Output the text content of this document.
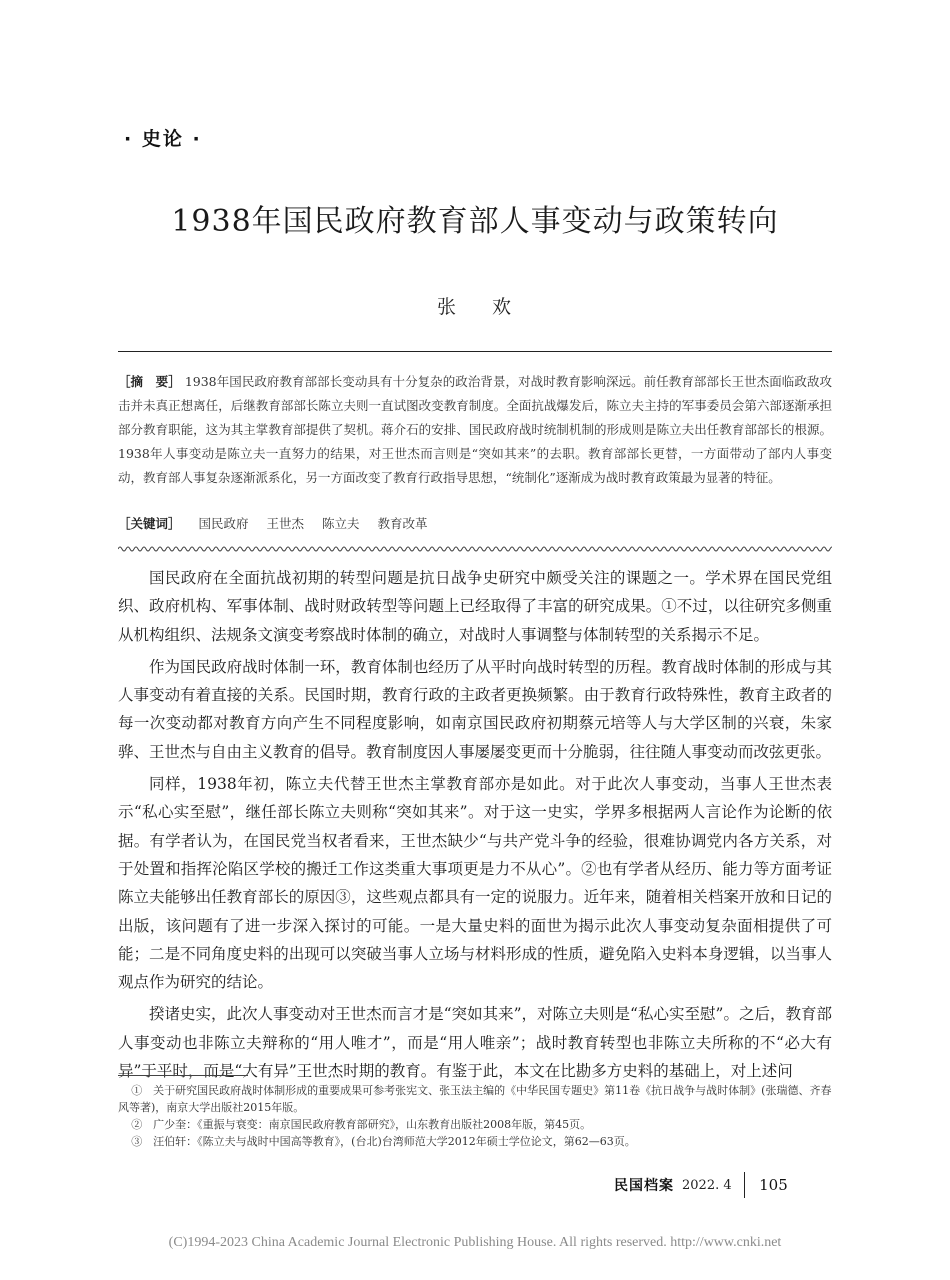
· 史论 ·
1938年国民政府教育部人事变动与政策转向
张 欢
［摘　要］ 1938年国民政府教育部部长变动具有十分复杂的政治背景，对战时教育影响深远。前任教育部部长王世杰面临政敌攻击并未真正想离任，后继教育部部长陈立夫则一直试图改变教育制度。全面抗战爆发后，陈立夫主持的军事委员会第六部逐渐承担部分教育职能，这为其主掌教育部提供了契机。蒋介石的安排、国民政府战时统制机制的形成则是陈立夫出任教育部部长的根源。1938年人事变动是陈立夫一直努力的结果，对王世杰而言则是“突如其来”的去职。教育部部长更替，一方面带动了部内人事变动，教育部人事复杂逐渐派系化，另一方面改变了教育行政指导思想，“统制化”逐渐成为战时教育政策最为显著的特征。
［关键词］ 国民政府 王世杰 陈立夫 教育改革

国民政府在全面抗战初期的转型问题是抗日战争史研究中颇受关注的课题之一。学术界在国民党组织、政府机构、军事体制、战时财政转型等问题上已经取得了丰富的研究成果。①不过，以往研究多侧重从机构组织、法规条文演变考察战时体制的确立，对战时人事调整与体制转型的关系揭示不足。

作为国民政府战时体制一环，教育体制也经历了从平时向战时转型的历程。教育战时体制的形成与其人事变动有着直接的关系。民国时期，教育行政的主政者更换频繁。由于教育行政特殊性，教育主政者的每一次变动都对教育方向产生不同程度影响，如南京国民政府初期蔡元培等人与大学区制的兴衰，朱家骅、王世杰与自由主义教育的倡导。教育制度因人事屡屡变更而十分脆弱，往往随人事变动而改弦更张。

同样，1938年初，陈立夫代替王世杰主掌教育部亦是如此。对于此次人事变动，当事人王世杰表示“私心实至慰”，继任部长陈立夫则称“突如其来”。对于这一史实，学界多根据两人言论作为论断的依据。有学者认为，在国民党当权者看来，王世杰缺少“与共产党斗争的经验，很难协调党内各方关系，对于处置和指挥沦陷区学校的搬迁工作这类重大事项更是力不从心”。②也有学者从经历、能力等方面考证陈立夫能够出任教育部长的原因③，这些观点都具有一定的说服力。近年来，随着相关档案开放和日记的出版，该问题有了进一步深入探讨的可能。一是大量史料的面世为揭示此次人事变动复杂面相提供了可能；二是不同角度史料的出现可以突破当事人立场与材料形成的性质，避免陷入史料本身逻辑，以当事人观点作为研究的结论。

揆诸史实，此次人事变动对王世杰而言才是“突如其来”，对陈立夫则是“私心实至慰”。之后，教育部人事变动也非陈立夫辩称的“用人唯才”，而是“用人唯亲”；战时教育转型也非陈立夫所称的不“必大有异”于平时，而是“大有异”王世杰时期的教育。有鉴于此，本文在比勘多方史料的基础上，对上述问

①　关于研究国民政府战时体制形成的重要成果可参考张宪文、张玉法主编的《中华民国专题史》第11卷《抗日战争与战时体制》(张瑞德、齐春风等著)，南京大学出版社2015年版。

②　广少奎：《重振与衰变：南京国民政府教育部研究》，山东教育出版社2008年版，第45页。

③　汪伯轩：《陈立夫与战时中国高等教育》，(台北)台湾师范大学2012年硕士学位论文，第62—63页。

民国档案 2022. 4 105
(C)1994-2023 China Academic Journal Electronic Publishing House. All rights reserved. http://www.cnki.net
